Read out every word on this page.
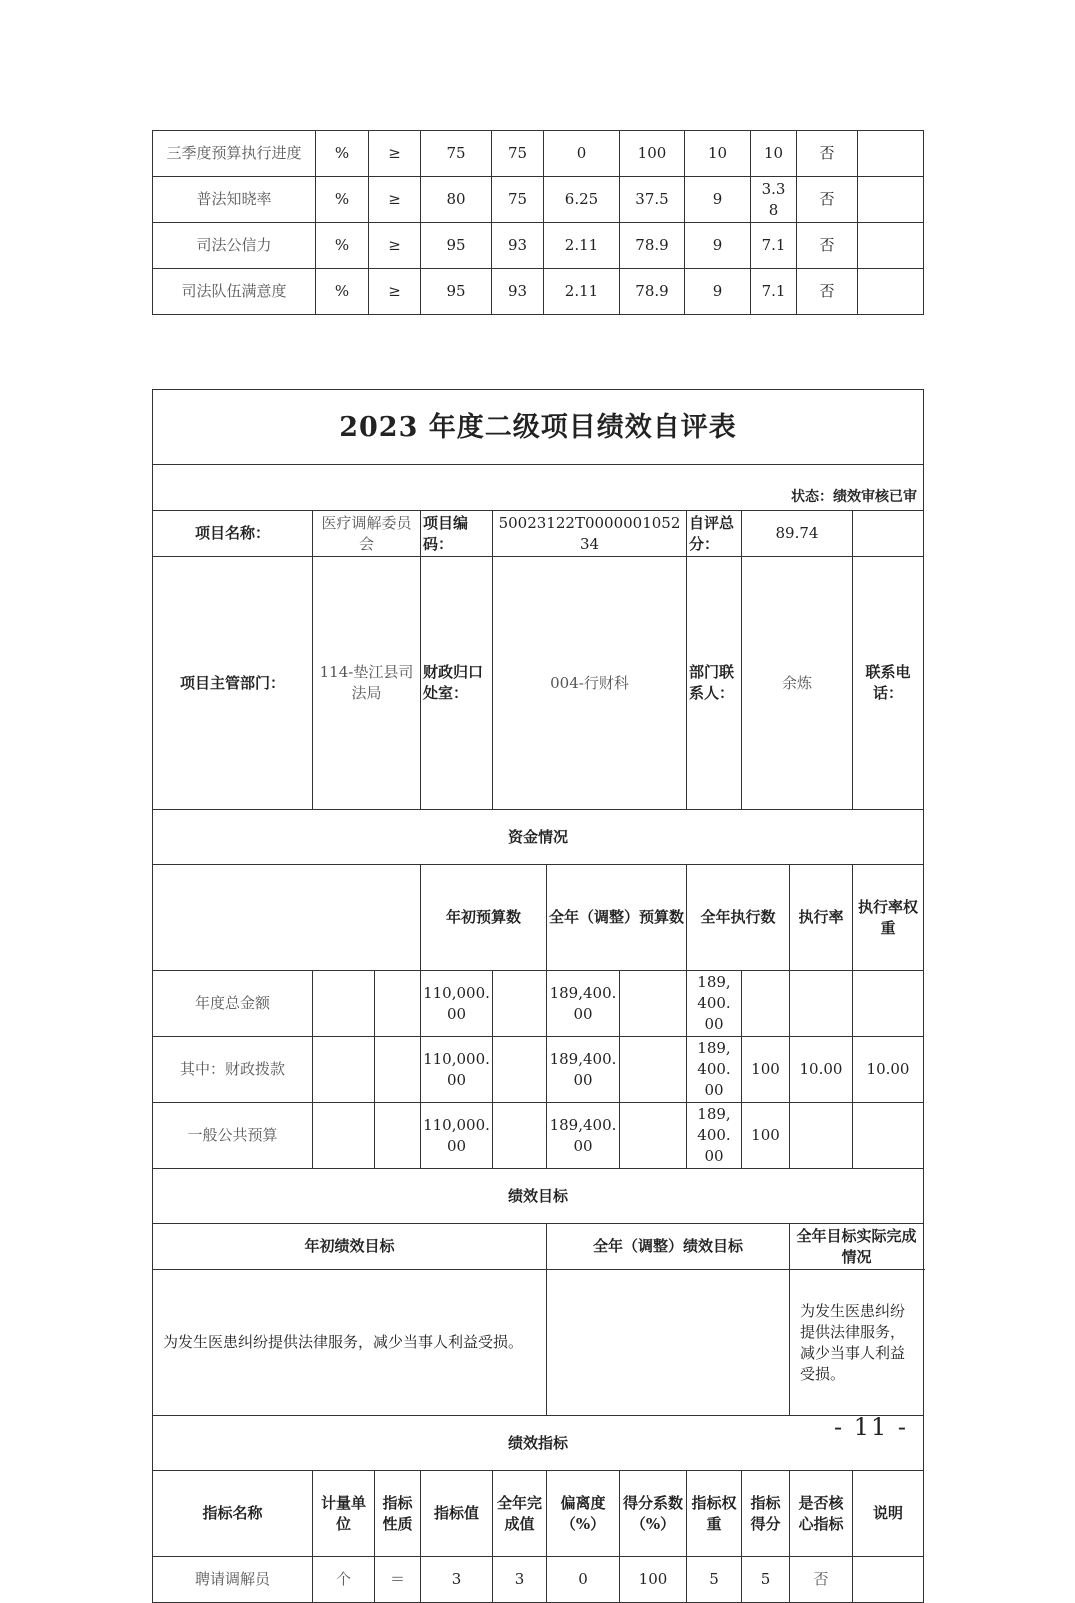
三季度预算执行进度	%	≥	75	75	0	100	10	10	否	
普法知晓率	%	≥	80	75	6.25	37.5	9	3.38	否	
司法公信力	%	≥	95	93	2.11	78.9	9	7.1	否	
司法队伍满意度	%	≥	95	93	2.11	78.9	9	7.1	否	
2023 年度二级项目绩效自评表											
状态：绩效审核已审											
项目名称：	医疗调解委员会		项目编码：	50023122T000000105234			自评总分：	89.74			
项目主管部门：	114-垫江县司法局		财政归口处室：	004-行财科			部门联系人：	余炼		联系电话：	
资金情况											
			年初预算数		全年（调整）预算数		全年执行数		执行率	执行率权重	
年度总金额			110,000.00		189,400.00		189,400.00				
其中：财政拨款			110,000.00		189,400.00		189,400.00	100	10.00	10.00	
一般公共预算			110,000.00		189,400.00		189,400.00	100			
绩效目标											
年初绩效目标					全年（调整）绩效目标				全年目标实际完成情况		
为发生医患纠纷提供法律服务，减少当事人利益受损。									为发生医患纠纷提供法律服务，减少当事人利益受损。		
绩效指标											
指标名称	计量单位	指标性质	指标值	全年完成值	偏离度（%）	得分系数（%）	指标权重	指标得分	是否核心指标	说明	
聘请调解员	个	＝	3	3	0	100	5	5	否		
- 11 -
